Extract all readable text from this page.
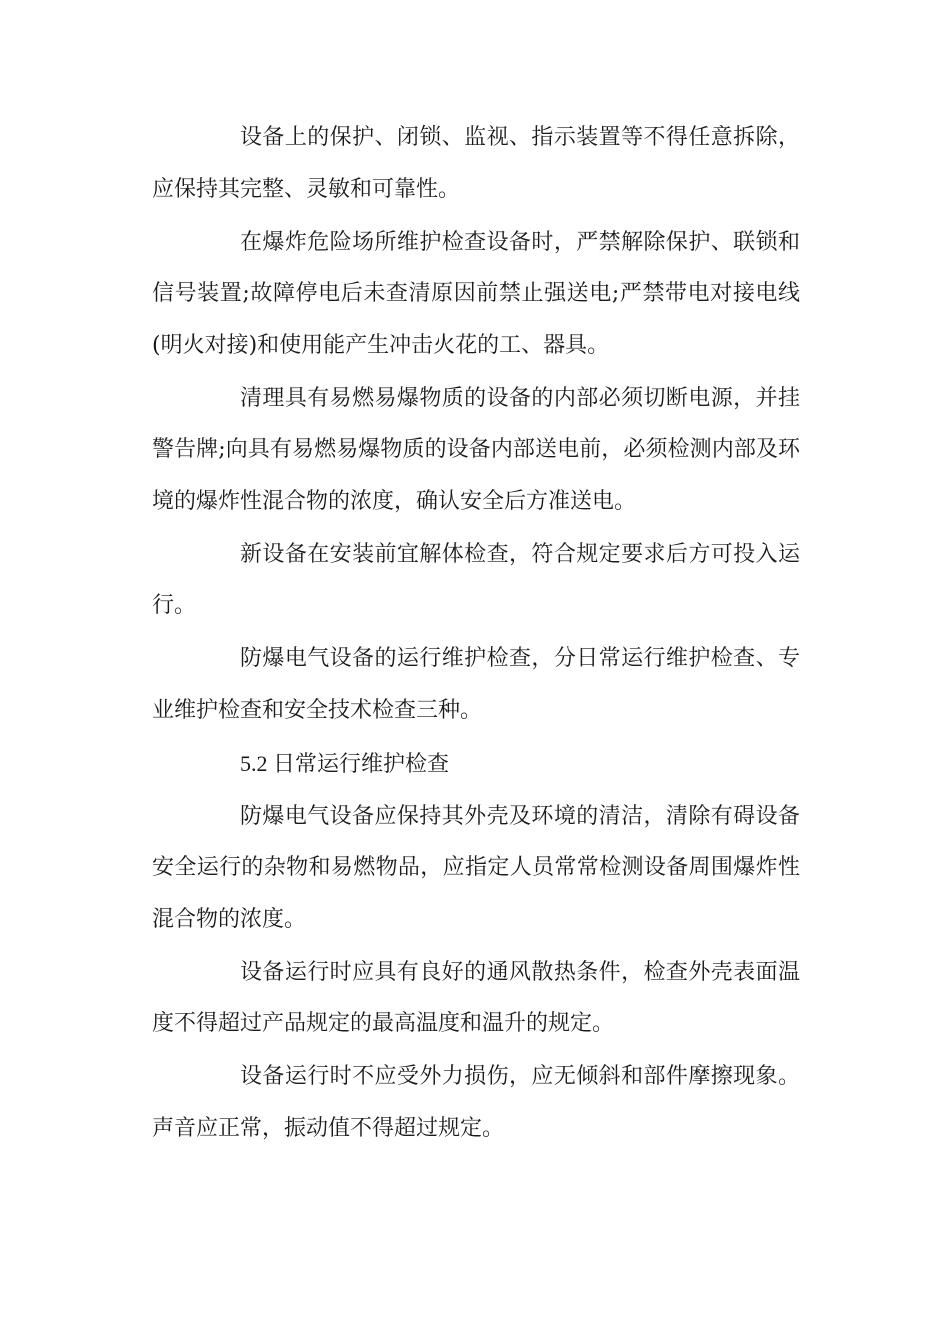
设备上的保护、闭锁、监视、指示装置等不得任意拆除，应保持其完整、灵敏和可靠性。

在爆炸危险场所维护检查设备时，严禁解除保护、联锁和信号装置;故障停电后未查清原因前禁止强送电;严禁带电对接电线(明火对接)和使用能产生冲击火花的工、器具。

清理具有易燃易爆物质的设备的内部必须切断电源，并挂警告牌;向具有易燃易爆物质的设备内部送电前，必须检测内部及环境的爆炸性混合物的浓度，确认安全后方准送电。

新设备在安装前宜解体检查，符合规定要求后方可投入运行。

防爆电气设备的运行维护检查，分日常运行维护检查、专业维护检查和安全技术检查三种。

5.2 日常运行维护检查

防爆电气设备应保持其外壳及环境的清洁，清除有碍设备安全运行的杂物和易燃物品，应指定人员常常检测设备周围爆炸性混合物的浓度。

设备运行时应具有良好的通风散热条件，检查外壳表面温度不得超过产品规定的最高温度和温升的规定。

设备运行时不应受外力损伤，应无倾斜和部件摩擦现象。声音应正常，振动值不得超过规定。
